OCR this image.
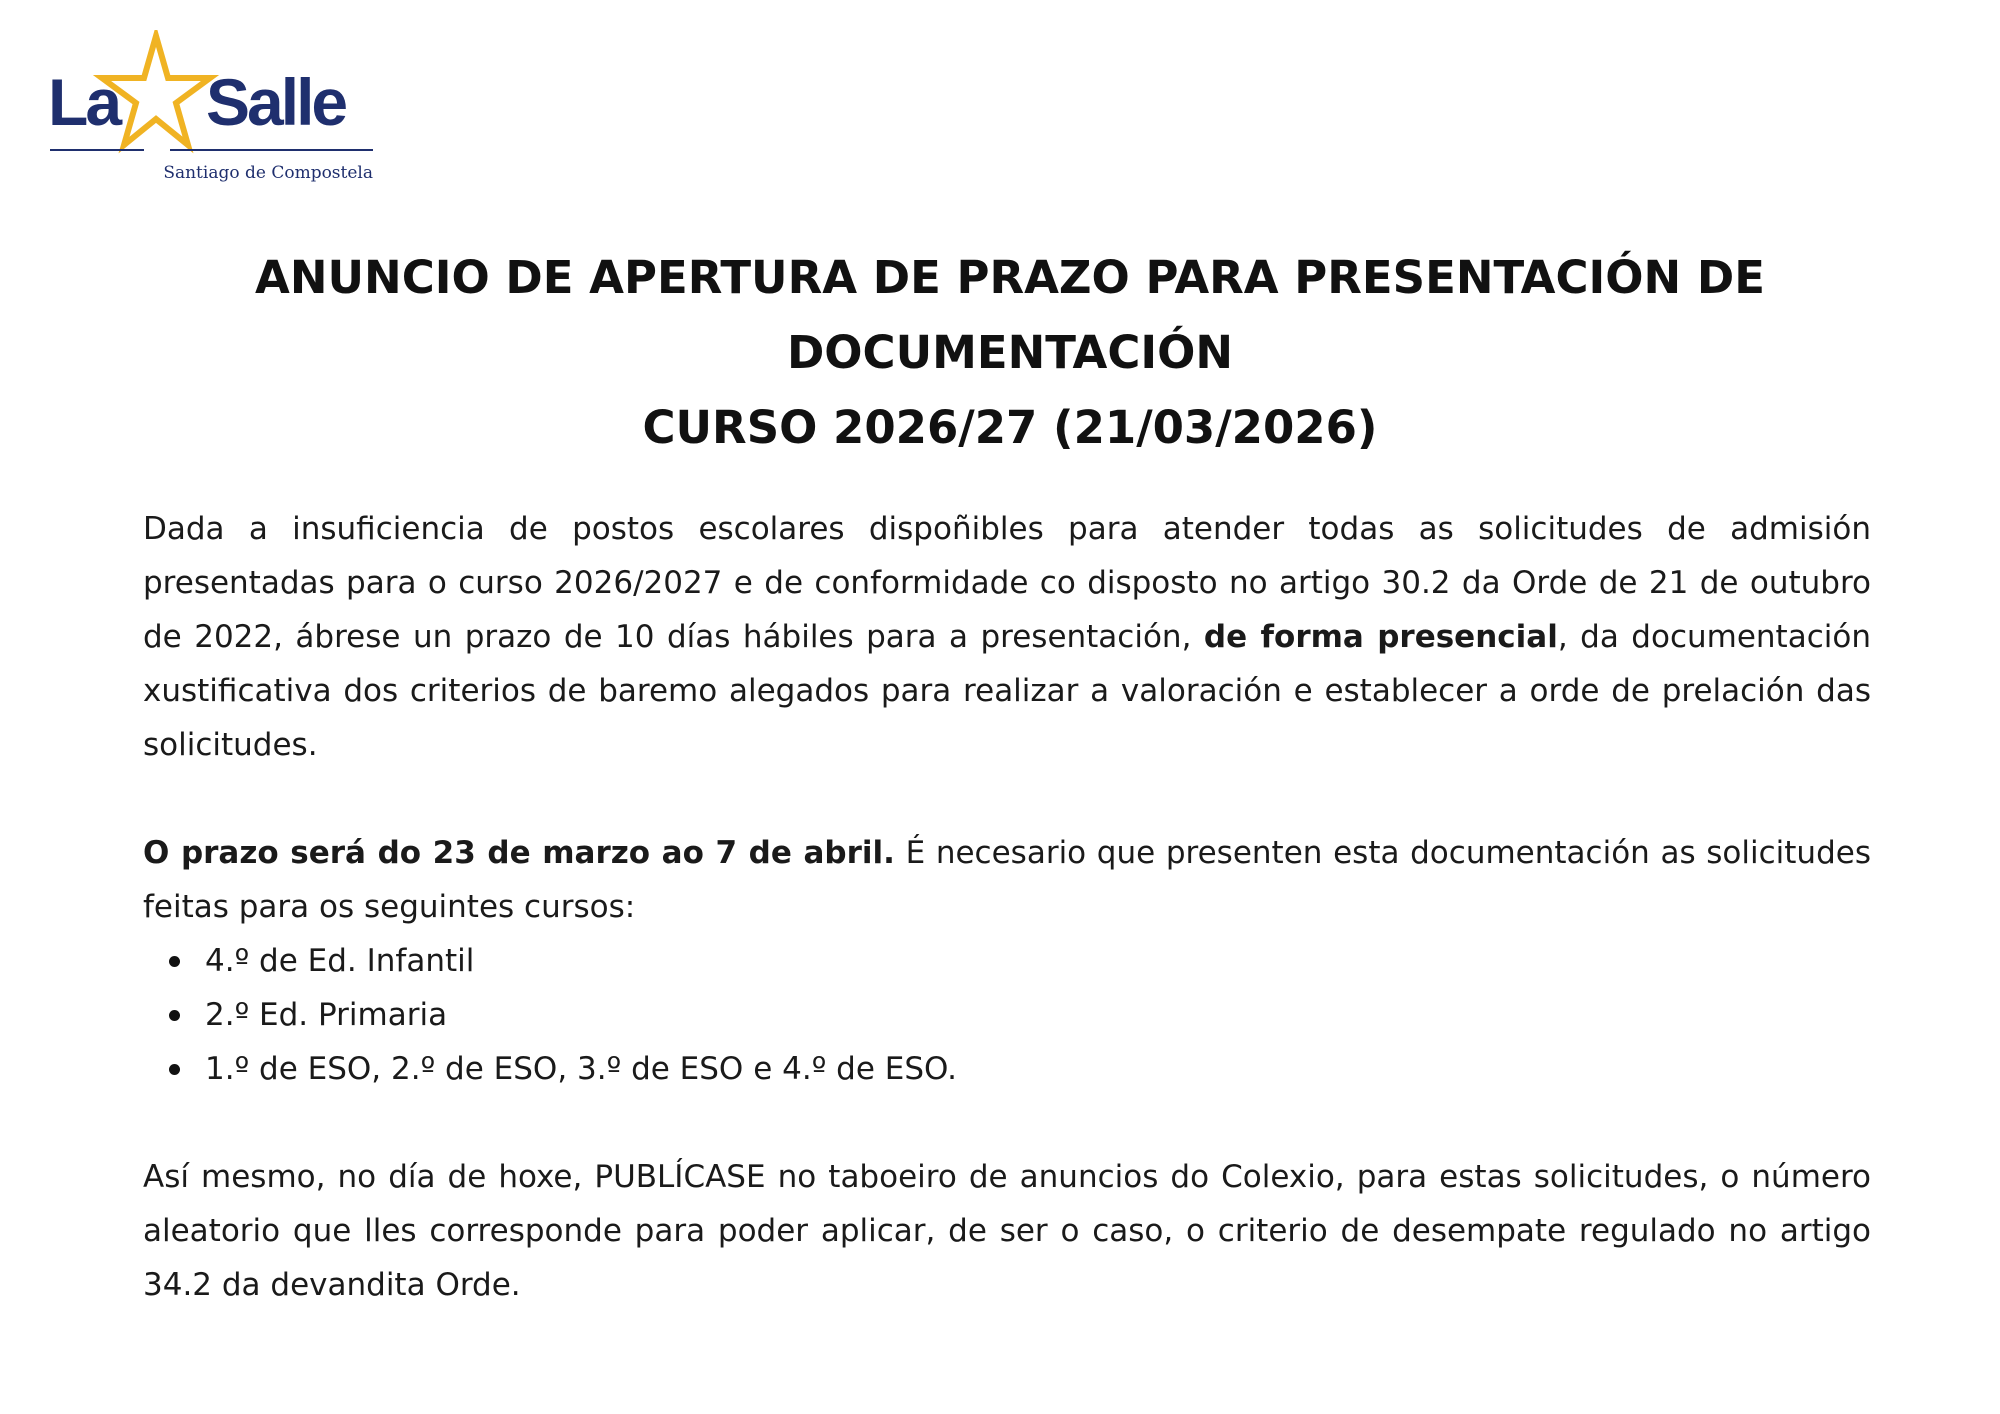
La Salle
Santiago de Compostela
ANUNCIO DE APERTURA DE PRAZO PARA PRESENTACIÓN DE
DOCUMENTACIÓN
CURSO 2026/27 (21/03/2026)

Dada a insuficiencia de postos escolares dispoñibles para atender todas as solicitudes de admisión presentadas para o curso 2026/2027 e de conformidade co disposto no artigo 30.2 da Orde de 21 de outubro de 2022, ábrese un prazo de 10 días hábiles para a presentación, de forma presencial, da documentación xustificativa dos criterios de baremo alegados para realizar a valoración e establecer a orde de prelación das solicitudes.

O prazo será do 23 de marzo ao 7 de abril. É necesario que presenten esta documentación as solicitudes feitas para os seguintes cursos:

4.º de Ed. Infantil
2.º Ed. Primaria
1.º de ESO, 2.º de ESO, 3.º de ESO e 4.º de ESO.

Así mesmo, no día de hoxe, PUBLÍCASE no taboeiro de anuncios do Colexio, para estas solicitudes, o número aleatorio que lles corresponde para poder aplicar, de ser o caso, o criterio de desempate regulado no artigo 34.2 da devandita Orde.
